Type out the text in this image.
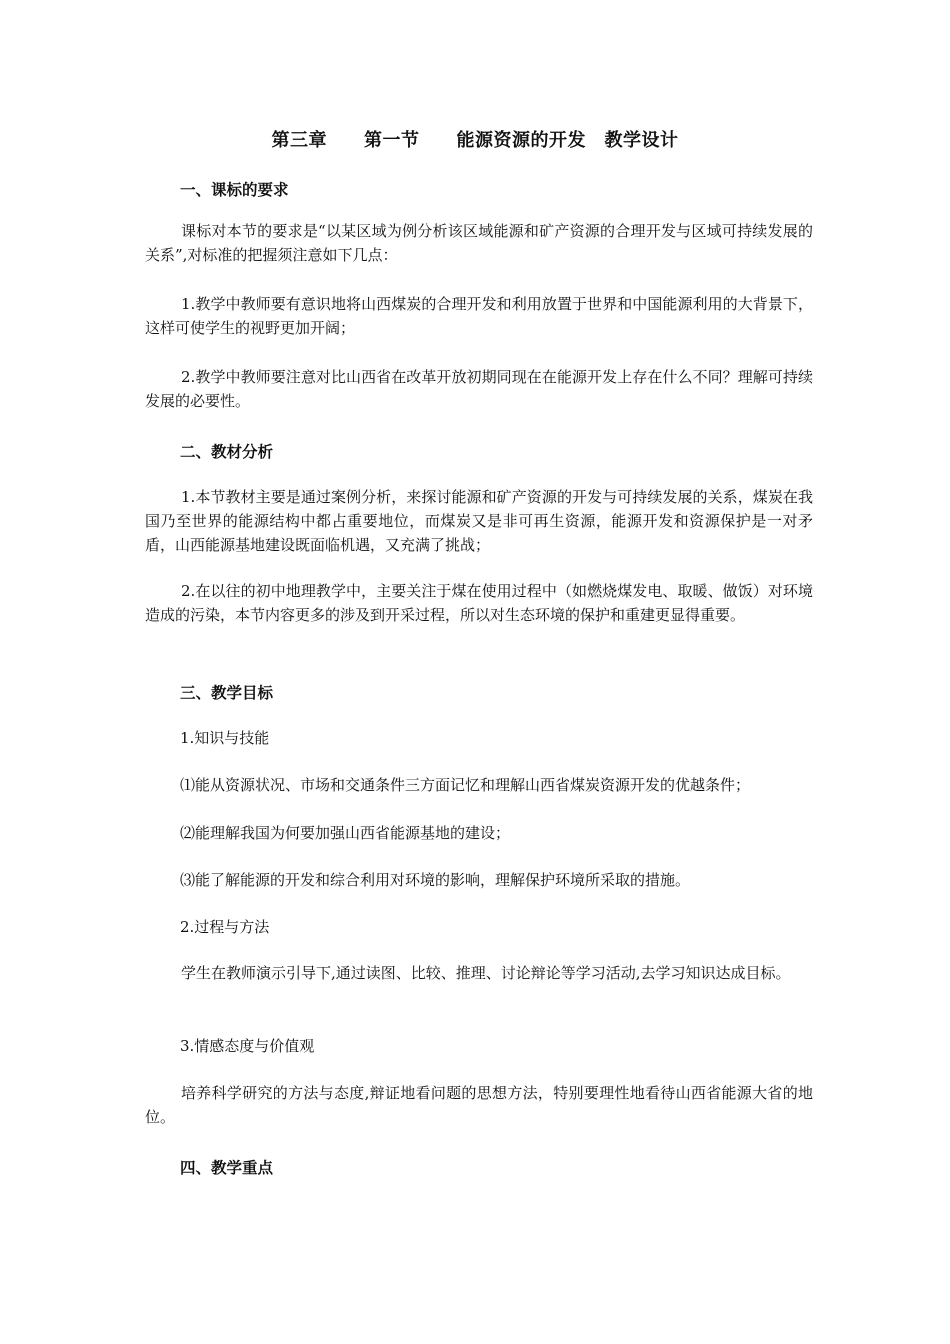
第三章　　第一节　　能源资源的开发　教学设计
一、课标的要求
课标对本节的要求是“以某区域为例分析该区域能源和矿产资源的合理开发与区域可持续发展的关系”,对标准的把握须注意如下几点：
1.教学中教师要有意识地将山西煤炭的合理开发和利用放置于世界和中国能源利用的大背景下，这样可使学生的视野更加开阔；
2.教学中教师要注意对比山西省在改革开放初期同现在在能源开发上存在什么不同？理解可持续发展的必要性。
二、教材分析
1.本节教材主要是通过案例分析，来探讨能源和矿产资源的开发与可持续发展的关系，煤炭在我国乃至世界的能源结构中都占重要地位，而煤炭又是非可再生资源，能源开发和资源保护是一对矛盾，山西能源基地建设既面临机遇，又充满了挑战；
2.在以往的初中地理教学中，主要关注于煤在使用过程中（如燃烧煤发电、取暖、做饭）对环境造成的污染，本节内容更多的涉及到开采过程，所以对生态环境的保护和重建更显得重要。
三、教学目标
1.知识与技能
⑴能从资源状况、市场和交通条件三方面记忆和理解山西省煤炭资源开发的优越条件；
⑵能理解我国为何要加强山西省能源基地的建设；
⑶能了解能源的开发和综合利用对环境的影响，理解保护环境所采取的措施。
2.过程与方法
学生在教师演示引导下,通过读图、比较、推理、讨论辩论等学习活动,去学习知识达成目标。
3.情感态度与价值观
培养科学研究的方法与态度,辩证地看问题的思想方法，特别要理性地看待山西省能源大省的地位。
四、教学重点
